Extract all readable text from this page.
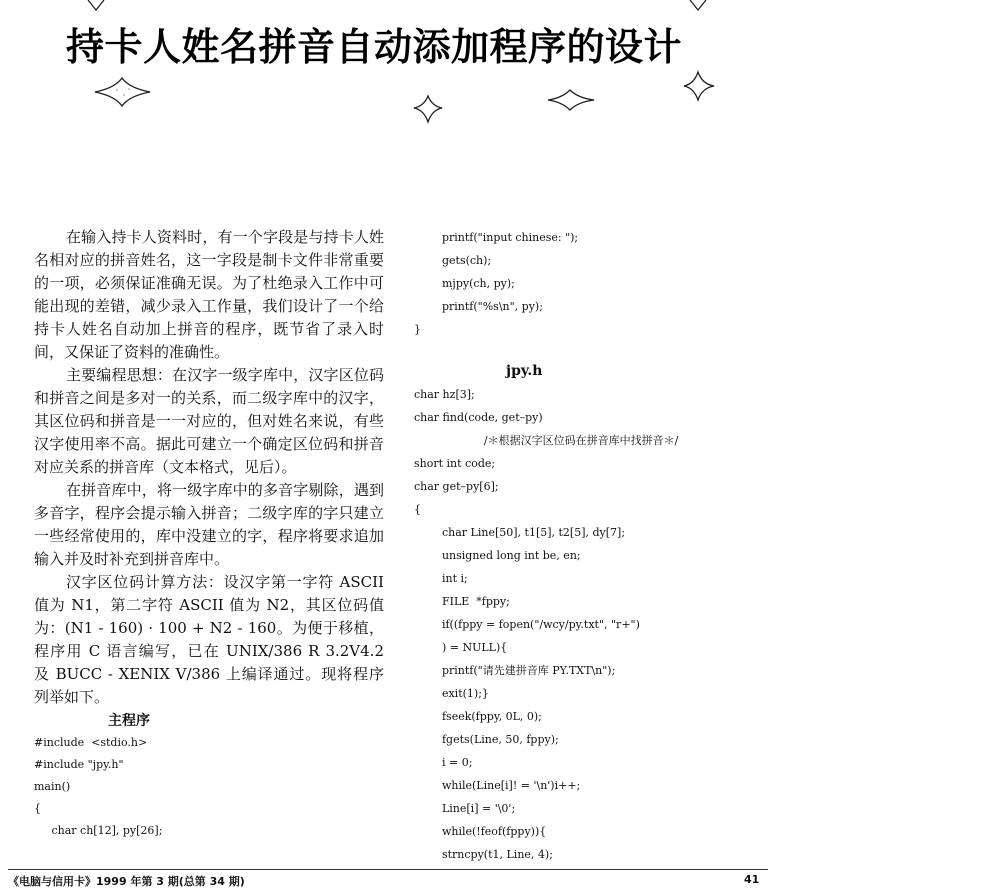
持卡人姓名拼音自动添加程序的设计

在输入持卡人资料时，有一个字段是与持卡人姓名相对应的拼音姓名，这一字段是制卡文件非常重要的一项，必须保证准确无误。为了杜绝录入工作中可能出现的差错，减少录入工作量，我们设计了一个给持卡人姓名自动加上拼音的程序，既节省了录入时间，又保证了资料的准确性。

主要编程思想：在汉字一级字库中，汉字区位码和拼音之间是多对一的关系，而二级字库中的汉字，其区位码和拼音是一一对应的，但对姓名来说，有些汉字使用率不高。据此可建立一个确定区位码和拼音对应关系的拼音库（文本格式，见后）。

在拼音库中，将一级字库中的多音字剔除，遇到多音字，程序会提示输入拼音；二级字库的字只建立一些经常使用的，库中没建立的字，程序将要求追加输入并及时补充到拼音库中。

汉字区位码计算方法：设汉字第一字符 ASCII 值为 N1，第二字符 ASCII 值为 N2，其区位码值为：(N1 - 160) · 100 + N2 - 160。为便于移植，程序用 C 语言编写，已在 UNIX/386 R 3.2V4.2 及 BUCC - XENIX V/386 上编译通过。现将程序列举如下。

主程序
#include  <stdio.h>
#include "jpy.h"
main()
{
char ch[12], py[26];
printf("input chinese: ");
gets(ch);
mjpy(ch, py);
printf("%s\n", py);
}
jpy.h
char hz[3];
char find(code, get–py)
/＊根据汉字区位码在拼音库中找拼音＊/
short int code;
char get–py[6];
{
char Line[50], t1[5], t2[5], dy[7];
unsigned long int be, en;
int i;
FILE  *fppy;
if((fppy = fopen("/wcy/py.txt", "r+")
) = NULL){
printf("请先建拼音库 PY.TXT\n");
exit(1);}
fseek(fppy, 0L, 0);
fgets(Line, 50, fppy);
i = 0;
while(Line[i]! = '\n')i++;
Line[i] = '\0';
while(!feof(fppy)){
strncpy(t1, Line, 4);
《电脑与信用卡》1999 年第 3 期(总第 34 期)	41
